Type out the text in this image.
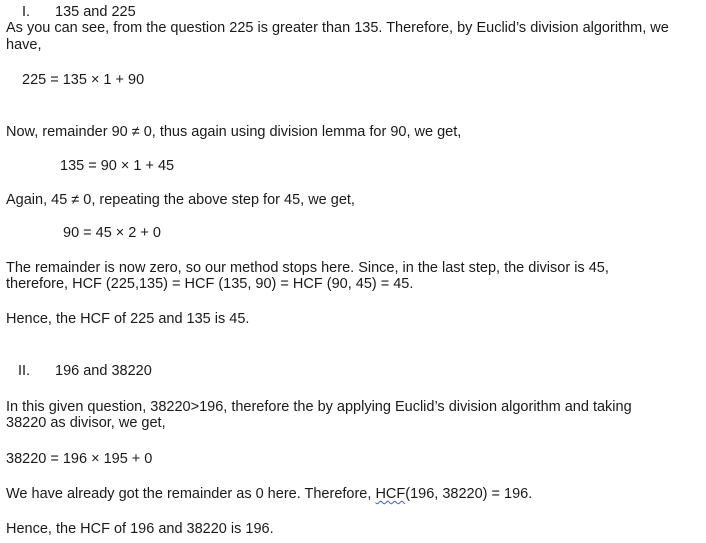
I. 135 and 225
As you can see, from the question 225 is greater than 135. Therefore, by Euclid’s division algorithm, we
have,
225 = 135 × 1 + 90
Now, remainder 90 ≠ 0, thus again using division lemma for 90, we get,
135 = 90 × 1 + 45
Again, 45 ≠ 0, repeating the above step for 45, we get,
90 = 45 × 2 + 0
The remainder is now zero, so our method stops here. Since, in the last step, the divisor is 45,
therefore, HCF (225,135) = HCF (135, 90) = HCF (90, 45) = 45.
Hence, the HCF of 225 and 135 is 45.
II. 196 and 38220
In this given question, 38220>196, therefore the by applying Euclid’s division algorithm and taking
38220 as divisor, we get,
38220 = 196 × 195 + 0
We have already got the remainder as 0 here. Therefore, HCF(196, 38220) = 196.
Hence, the HCF of 196 and 38220 is 196.
